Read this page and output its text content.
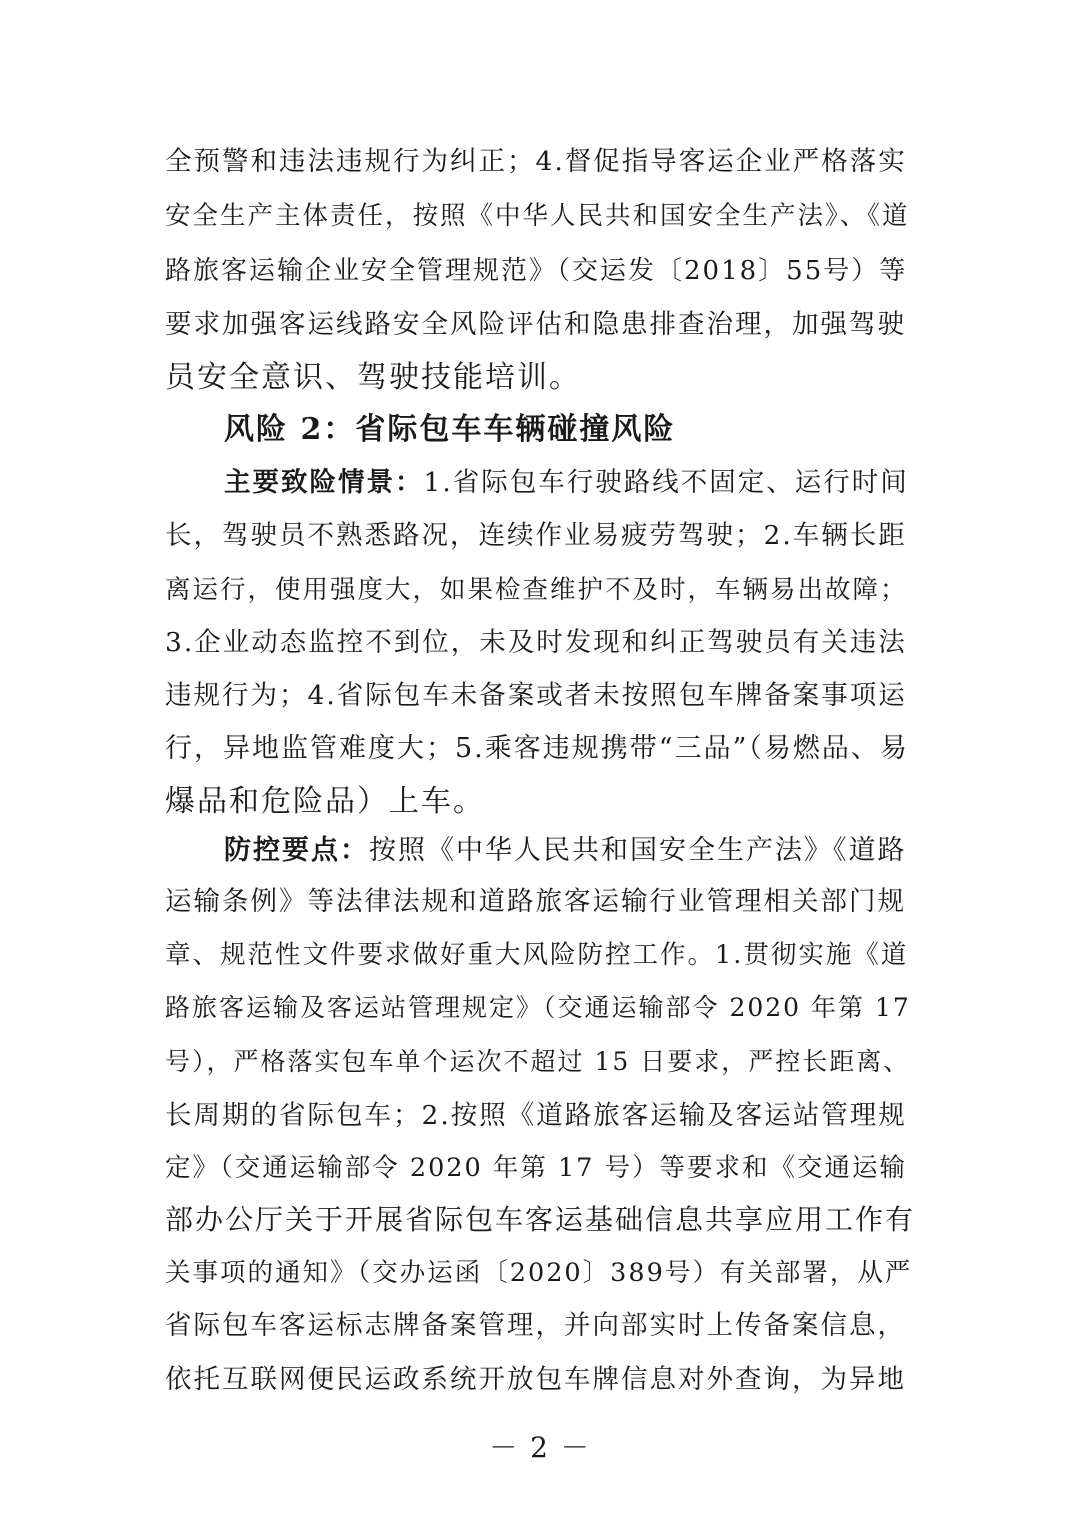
全预警和违法违规行为纠正；4.督促指导客运企业严格落实
安全生产主体责任，按照《中华人民共和国安全生产法》、《道
路旅客运输企业安全管理规范》（交运发〔2018〕55号）等
要求加强客运线路安全风险评估和隐患排查治理，加强驾驶
员安全意识、驾驶技能培训。
风险 2：省际包车车辆碰撞风险
主要致险情景：1.省际包车行驶路线不固定、运行时间
长，驾驶员不熟悉路况，连续作业易疲劳驾驶；2.车辆长距
离运行，使用强度大，如果检查维护不及时，车辆易出故障；
3.企业动态监控不到位，未及时发现和纠正驾驶员有关违法
违规行为；4.省际包车未备案或者未按照包车牌备案事项运
行，异地监管难度大；5.乘客违规携带“三品”（易燃品、易
爆品和危险品）上车。
防控要点：按照《中华人民共和国安全生产法》《道路
运输条例》等法律法规和道路旅客运输行业管理相关部门规
章、规范性文件要求做好重大风险防控工作。1.贯彻实施《道
路旅客运输及客运站管理规定》（交通运输部令 2020 年第 17
号），严格落实包车单个运次不超过 15 日要求，严控长距离、
长周期的省际包车；2.按照《道路旅客运输及客运站管理规
定》（交通运输部令 2020 年第 17 号）等要求和《交通运输
部办公厅关于开展省际包车客运基础信息共享应用工作有
关事项的通知》（交办运函〔2020〕389号）有关部署，从严
省际包车客运标志牌备案管理，并向部实时上传备案信息，
依托互联网便民运政系统开放包车牌信息对外查询，为异地
－ 2 －
